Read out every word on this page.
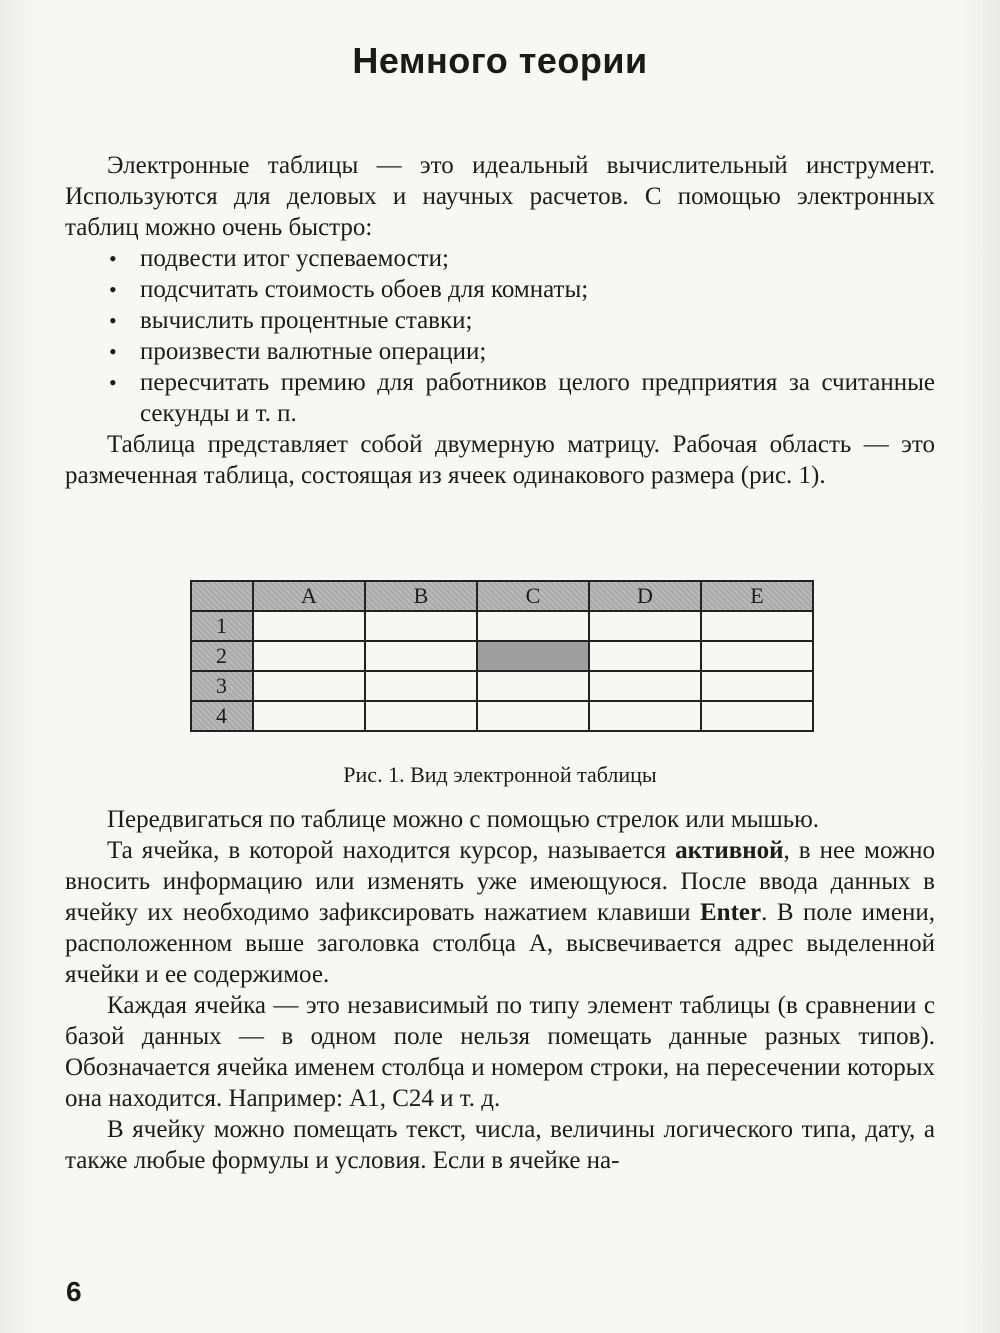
Немного теории

Электронные таблицы — это идеальный вычислительный инструмент. Используются для деловых и научных расчетов. С помощью электронных таблиц можно очень быстро:

• подвести итог успеваемости;
• подсчитать стоимость обоев для комнаты;
• вычислить процентные ставки;
• произвести валютные операции;
• пересчитать премию для работников целого предприятия за считанные секунды и т. п.

Таблица представляет собой двумерную матрицу. Рабочая область — это размеченная таблица, состоящая из ячеек одинакового размера (рис. 1).

	A	B	C	D	E
1					
2					
3					
4					
Рис. 1. Вид электронной таблицы

Передвигаться по таблице можно с помощью стрелок или мышью.

Та ячейка, в которой находится курсор, называется активной, в нее можно вносить информацию или изменять уже имеющуюся. После ввода данных в ячейку их необходимо зафиксировать нажатием клавиши Enter. В поле имени, расположенном выше заголовка столбца А, высвечивается адрес выделенной ячейки и ее содержимое.

Каждая ячейка — это независимый по типу элемент таблицы (в сравнении с базой данных — в одном поле нельзя помещать данные разных типов). Обозначается ячейка именем столбца и номером строки, на пересечении которых она находится. Например: А1, С24 и т. д.

В ячейку можно помещать текст, числа, величины логического типа, дату, а также любые формулы и условия. Если в ячейке на-

6
